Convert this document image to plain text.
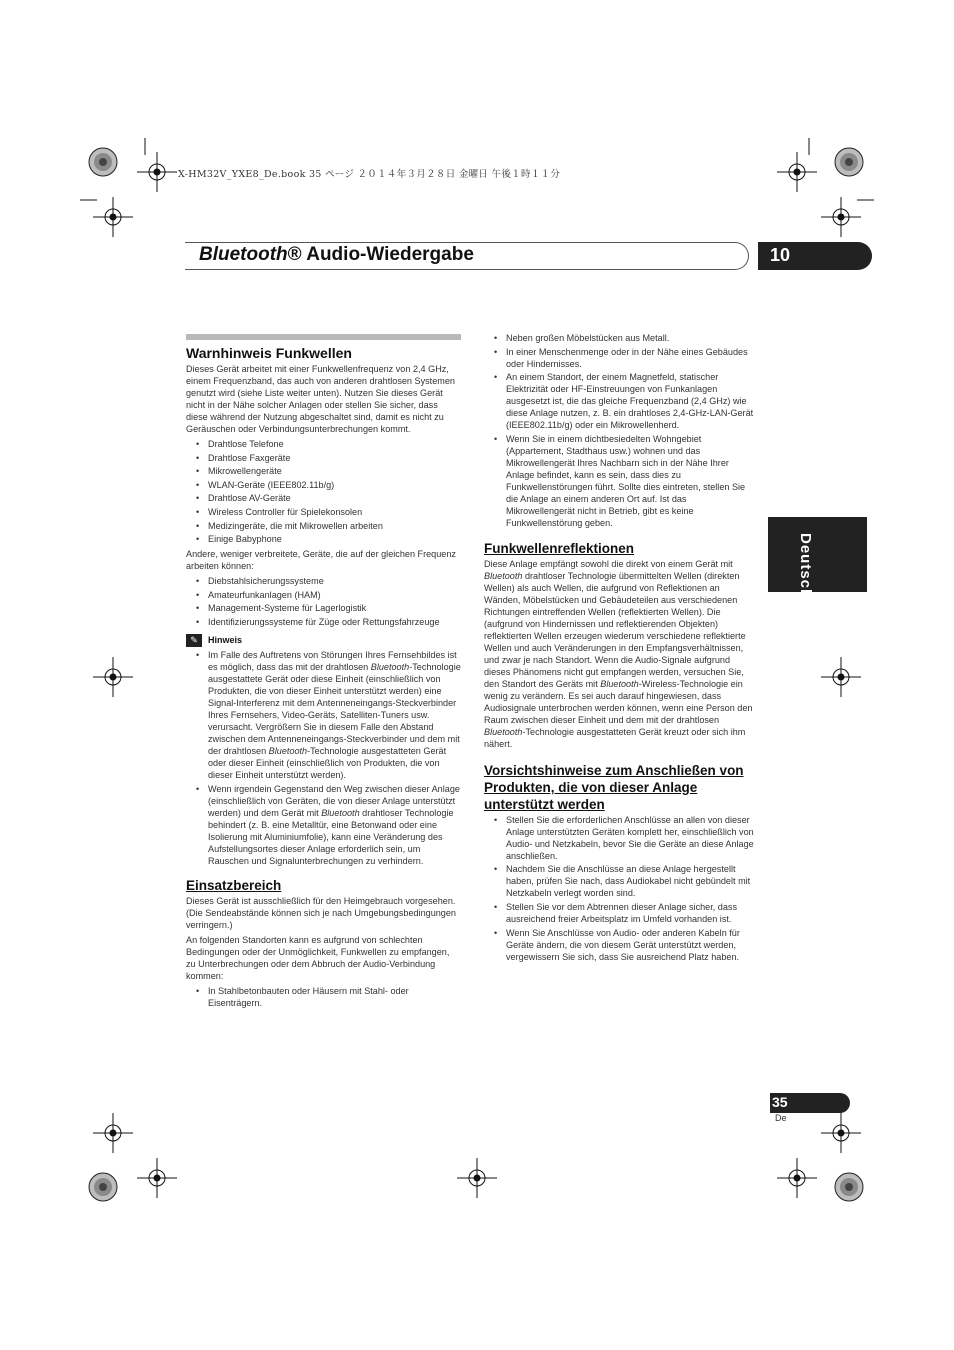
X-HM32V_YXE8_De.book 35 ページ ２０１４年３月２８日 金曜日 午後１時１１分
Bluetooth® Audio-Wiedergabe	10
Deutsch
Warnhinweis Funkwellen

Dieses Gerät arbeitet mit einer Funkwellenfrequenz von 2,4 GHz, einem Frequenzband, das auch von anderen drahtlosen Systemen genutzt wird (siehe Liste weiter unten). Nutzen Sie dieses Gerät nicht in der Nähe solcher Anlagen oder stellen Sie sicher, dass diese während der Nutzung abgeschaltet sind, damit es nicht zu Geräuschen oder Verbindungsunterbrechungen kommt.

• Drahtlose Telefone
• Drahtlose Faxgeräte
• Mikrowellengeräte
• WLAN-Geräte (IEEE802.11b/g)
• Drahtlose AV-Geräte
• Wireless Controller für Spielekonsolen
• Medizingeräte, die mit Mikrowellen arbeiten
• Einige Babyphone

Andere, weniger verbreitete, Geräte, die auf der gleichen Frequenz arbeiten können:

• Diebstahlsicherungssysteme
• Amateurfunkanlagen (HAM)
• Management-Systeme für Lagerlogistik
• Identifizierungssysteme für Züge oder Rettungsfahrzeuge
✎	Hinweis
• Im Falle des Auftretens von Störungen Ihres Fernsehbildes ist es möglich, dass das mit der drahtlosen Bluetooth-Technologie ausgestattete Gerät oder diese Einheit (einschließlich von Produkten, die von dieser Einheit unterstützt werden) eine Signal-Interferenz mit dem Antenneneingangs-Steckverbinder Ihres Fernsehers, Video-Geräts, Satelliten-Tuners usw. verursacht. Vergrößern Sie in diesem Falle den Abstand zwischen dem Antenneneingangs-Steckverbinder und dem mit der drahtlosen Bluetooth-Technologie ausgestatteten Gerät oder dieser Einheit (einschließlich von Produkten, die von dieser Einheit unterstützt werden).
• Wenn irgendein Gegenstand den Weg zwischen dieser Anlage (einschließlich von Geräten, die von dieser Anlage unterstützt werden) und dem Gerät mit Bluetooth drahtloser Technologie behindert (z. B. eine Metalltür, eine Betonwand oder eine Isolierung mit Aluminiumfolie), kann eine Veränderung des Aufstellungsortes dieser Anlage erforderlich sein, um Rauschen und Signalunterbrechungen zu verhindern.
Einsatzbereich

Dieses Gerät ist ausschließlich für den Heimgebrauch vorgesehen. (Die Sendeabstände können sich je nach Umgebungsbedingungen verringern.)

An folgenden Standorten kann es aufgrund von schlechten Bedingungen oder der Unmöglichkeit, Funkwellen zu empfangen, zu Unterbrechungen oder dem Abbruch der Audio-Verbindung kommen:

• In Stahlbetonbauten oder Häusern mit Stahl- oder Eisenträgern.
• Neben großen Möbelstücken aus Metall.
• In einer Menschenmenge oder in der Nähe eines Gebäudes oder Hindernisses.
• An einem Standort, der einem Magnetfeld, statischer Elektrizität oder HF-Einstreuungen von Funkanlagen ausgesetzt ist, die das gleiche Frequenzband (2,4 GHz) wie diese Anlage nutzen, z. B. ein drahtloses 2,4-GHz-LAN-Gerät (IEEE802.11b/g) oder ein Mikrowellenherd.
• Wenn Sie in einem dichtbesiedelten Wohngebiet (Appartement, Stadthaus usw.) wohnen und das Mikrowellengerät Ihres Nachbarn sich in der Nähe Ihrer Anlage befindet, kann es sein, dass dies zu Funkwellenstörungen führt. Sollte dies eintreten, stellen Sie die Anlage an einem anderen Ort auf. Ist das Mikrowellengerät nicht in Betrieb, gibt es keine Funkwellenstörung geben.
Funkwellenreflektionen

Diese Anlage empfängt sowohl die direkt von einem Gerät mit Bluetooth drahtloser Technologie übermittelten Wellen (direkten Wellen) als auch Wellen, die aufgrund von Reflektionen an Wänden, Möbelstücken und Gebäudeteilen aus verschiedenen Richtungen eintreffenden Wellen (reflektierten Wellen). Die (aufgrund von Hindernissen und reflektierenden Objekten) reflektierten Wellen erzeugen wiederum verschiedene reflektierte Wellen und auch Veränderungen in den Empfangsverhältnissen, und zwar je nach Standort. Wenn die Audio-Signale aufgrund dieses Phänomens nicht gut empfangen werden, versuchen Sie, den Standort des Geräts mit Bluetooth-Wireless-Technologie ein wenig zu verändern. Es sei auch darauf hingewiesen, dass Audiosignale unterbrochen werden können, wenn eine Person den Raum zwischen dieser Einheit und dem mit der drahtlosen Bluetooth-Technologie ausgestatteten Gerät kreuzt oder sich ihm nähert.

Vorsichtshinweise zum Anschließen von Produkten, die von dieser Anlage unterstützt werden
• Stellen Sie die erforderlichen Anschlüsse an allen von dieser Anlage unterstützten Geräten komplett her, einschließlich von Audio- und Netzkabeln, bevor Sie die Geräte an diese Anlage anschließen.
• Nachdem Sie die Anschlüsse an diese Anlage hergestellt haben, prüfen Sie nach, dass Audiokabel nicht gebündelt mit Netzkabeln verlegt worden sind.
• Stellen Sie vor dem Abtrennen dieser Anlage sicher, dass ausreichend freier Arbeitsplatz im Umfeld vorhanden ist.
• Wenn Sie Anschlüsse von Audio- oder anderen Kabeln für Geräte ändern, die von diesem Gerät unterstützt werden, vergewissern Sie sich, dass Sie ausreichend Platz haben.
35
De
